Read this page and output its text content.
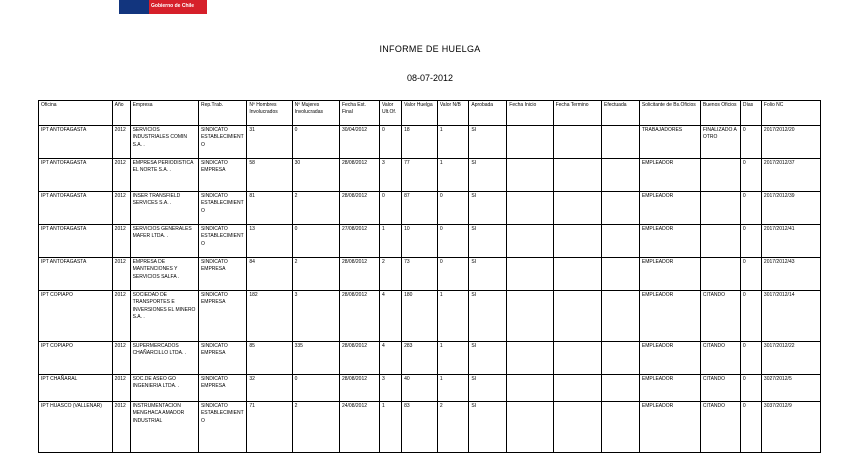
Gobierno de Chile
INFORME DE HUELGA
08-07-2012
Oficina	Año	Empresa	Rep.Trab.	Nº Hombres Involucrados	Nº Mujeres Involucradas	Fecha Est. Final	Valor Ult.Of.	Valor Huelga	Valor N/B	Aprobada	Fecha Inicio	Fecha Termino	Efectuada	Solicitante de Bs.Oficios	Buenos Oficios	Días	Folio NC
IPT ANTOFAGASTA	2012	SERVICIOS INDUSTRIALES COMIN S.A. .	SINDICATO ESTABLECIMIENTO	31	0	30/04/2012	0	18	1	SI				TRABAJADORES	FINALIZADO A OTRO	0	2017/2012/20
IPT ANTOFAGASTA	2012	EMPRESA PERIODISTICA EL NORTE S.A. .	SINDICATO EMPRESA	58	30	28/08/2012	3	77	1	SI				EMPLEADOR		0	2017/2012/37
IPT ANTOFAGASTA	2012	INSER TRANSFIELD SERVICES S.A. .	SINDICATO ESTABLECIMIENTO	81	2	28/08/2012	0	87	0	SI				EMPLEADOR		0	2017/2012/39
IPT ANTOFAGASTA	2012	SERVICIOS GENERALES MAFER LTDA. .	SINDICATO ESTABLECIMIENTO	13	0	27/08/2012	1	10	0	SI				EMPLEADOR		0	2017/2012/41
IPT ANTOFAGASTA	2012	EMPRESA DE MANTENCIONES Y SERVICIOS SALFA .	SINDICATO EMPRESA	84	2	28/08/2012	2	73	0	SI				EMPLEADOR		0	2017/2012/43
IPT COPIAPO	2012	SOCIEDAD DE TRANSPORTES E INVERSIONES EL MINERO S.A. .	SINDICATO EMPRESA	182	3	28/08/2012	4	180	1	SI				EMPLEADOR	CITANDO	0	3017/2012/14
IPT COPIAPO	2012	SUPERMERCADOS CHAÑARCILLO LTDA. .	SINDICATO EMPRESA	85	335	28/08/2012	4	283	1	SI				EMPLEADOR	CITANDO	0	3017/2012/22
IPT CHAÑARAL	2012	SOC.DE ASEO GO INGENIERIA LTDA. .	SINDICATO EMPRESA	32	0	28/08/2012	3	40	1	SI				EMPLEADOR	CITANDO	0	3027/2012/5
IPT HUASCO (VALLENAR)	2012	INSTRUMENTACION MENGHACA AMADOR INDUSTRIAL	SINDICATO ESTABLECIMIENTO	71	2	24/08/2012	1	83	2	SI				EMPLEADOR	CITANDO	0	3037/2012/9
